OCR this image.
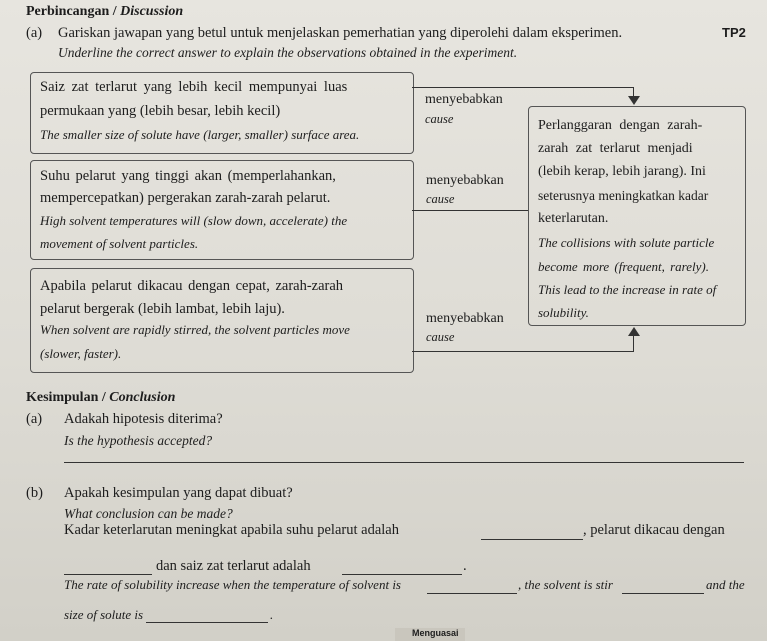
Perbincangan / Discussion
(a) Gariskan jawapan yang betul untuk menjelaskan pemerhatian yang diperolehi dalam eksperimen.	TP2
Underline the correct answer to explain the observations obtained in the experiment.
Saiz zat terlarut yang lebih kecil mempunyai luas
permukaan yang (lebih besar, lebih kecil)
The smaller size of solute have (larger, smaller) surface area.
Suhu pelarut yang tinggi akan (memperlahankan,
mempercepatkan) pergerakan zarah-zarah pelarut.
High solvent temperatures will (slow down, accelerate) the
movement of solvent particles.
Apabila pelarut dikacau dengan cepat, zarah-zarah
pelarut bergerak (lebih lambat, lebih laju).
When solvent are rapidly stirred, the solvent particles move
(slower, faster).
menyebabkan
cause
menyebabkan
cause
menyebabkan
cause
Perlanggaran dengan zarah-
zarah zat terlarut menjadi
(lebih kerap, lebih jarang). Ini
seterusnya meningkatkan kadar
keterlarutan.
The collisions with solute particle
become more (frequent, rarely).
This lead to the increase in rate of
solubility.
Kesimpulan / Conclusion
(a) Adakah hipotesis diterima?
Is the hypothesis accepted?
(b) Apakah kesimpulan yang dapat dibuat?
What conclusion can be made?
Kadar keterlarutan meningkat apabila suhu pelarut adalah	, pelarut dikacau dengan
dan saiz zat terlarut adalah	.
The rate of solubility increase when the temperature of solvent is	, the solvent is stir	and the
size of solute is	.
Menguasai
